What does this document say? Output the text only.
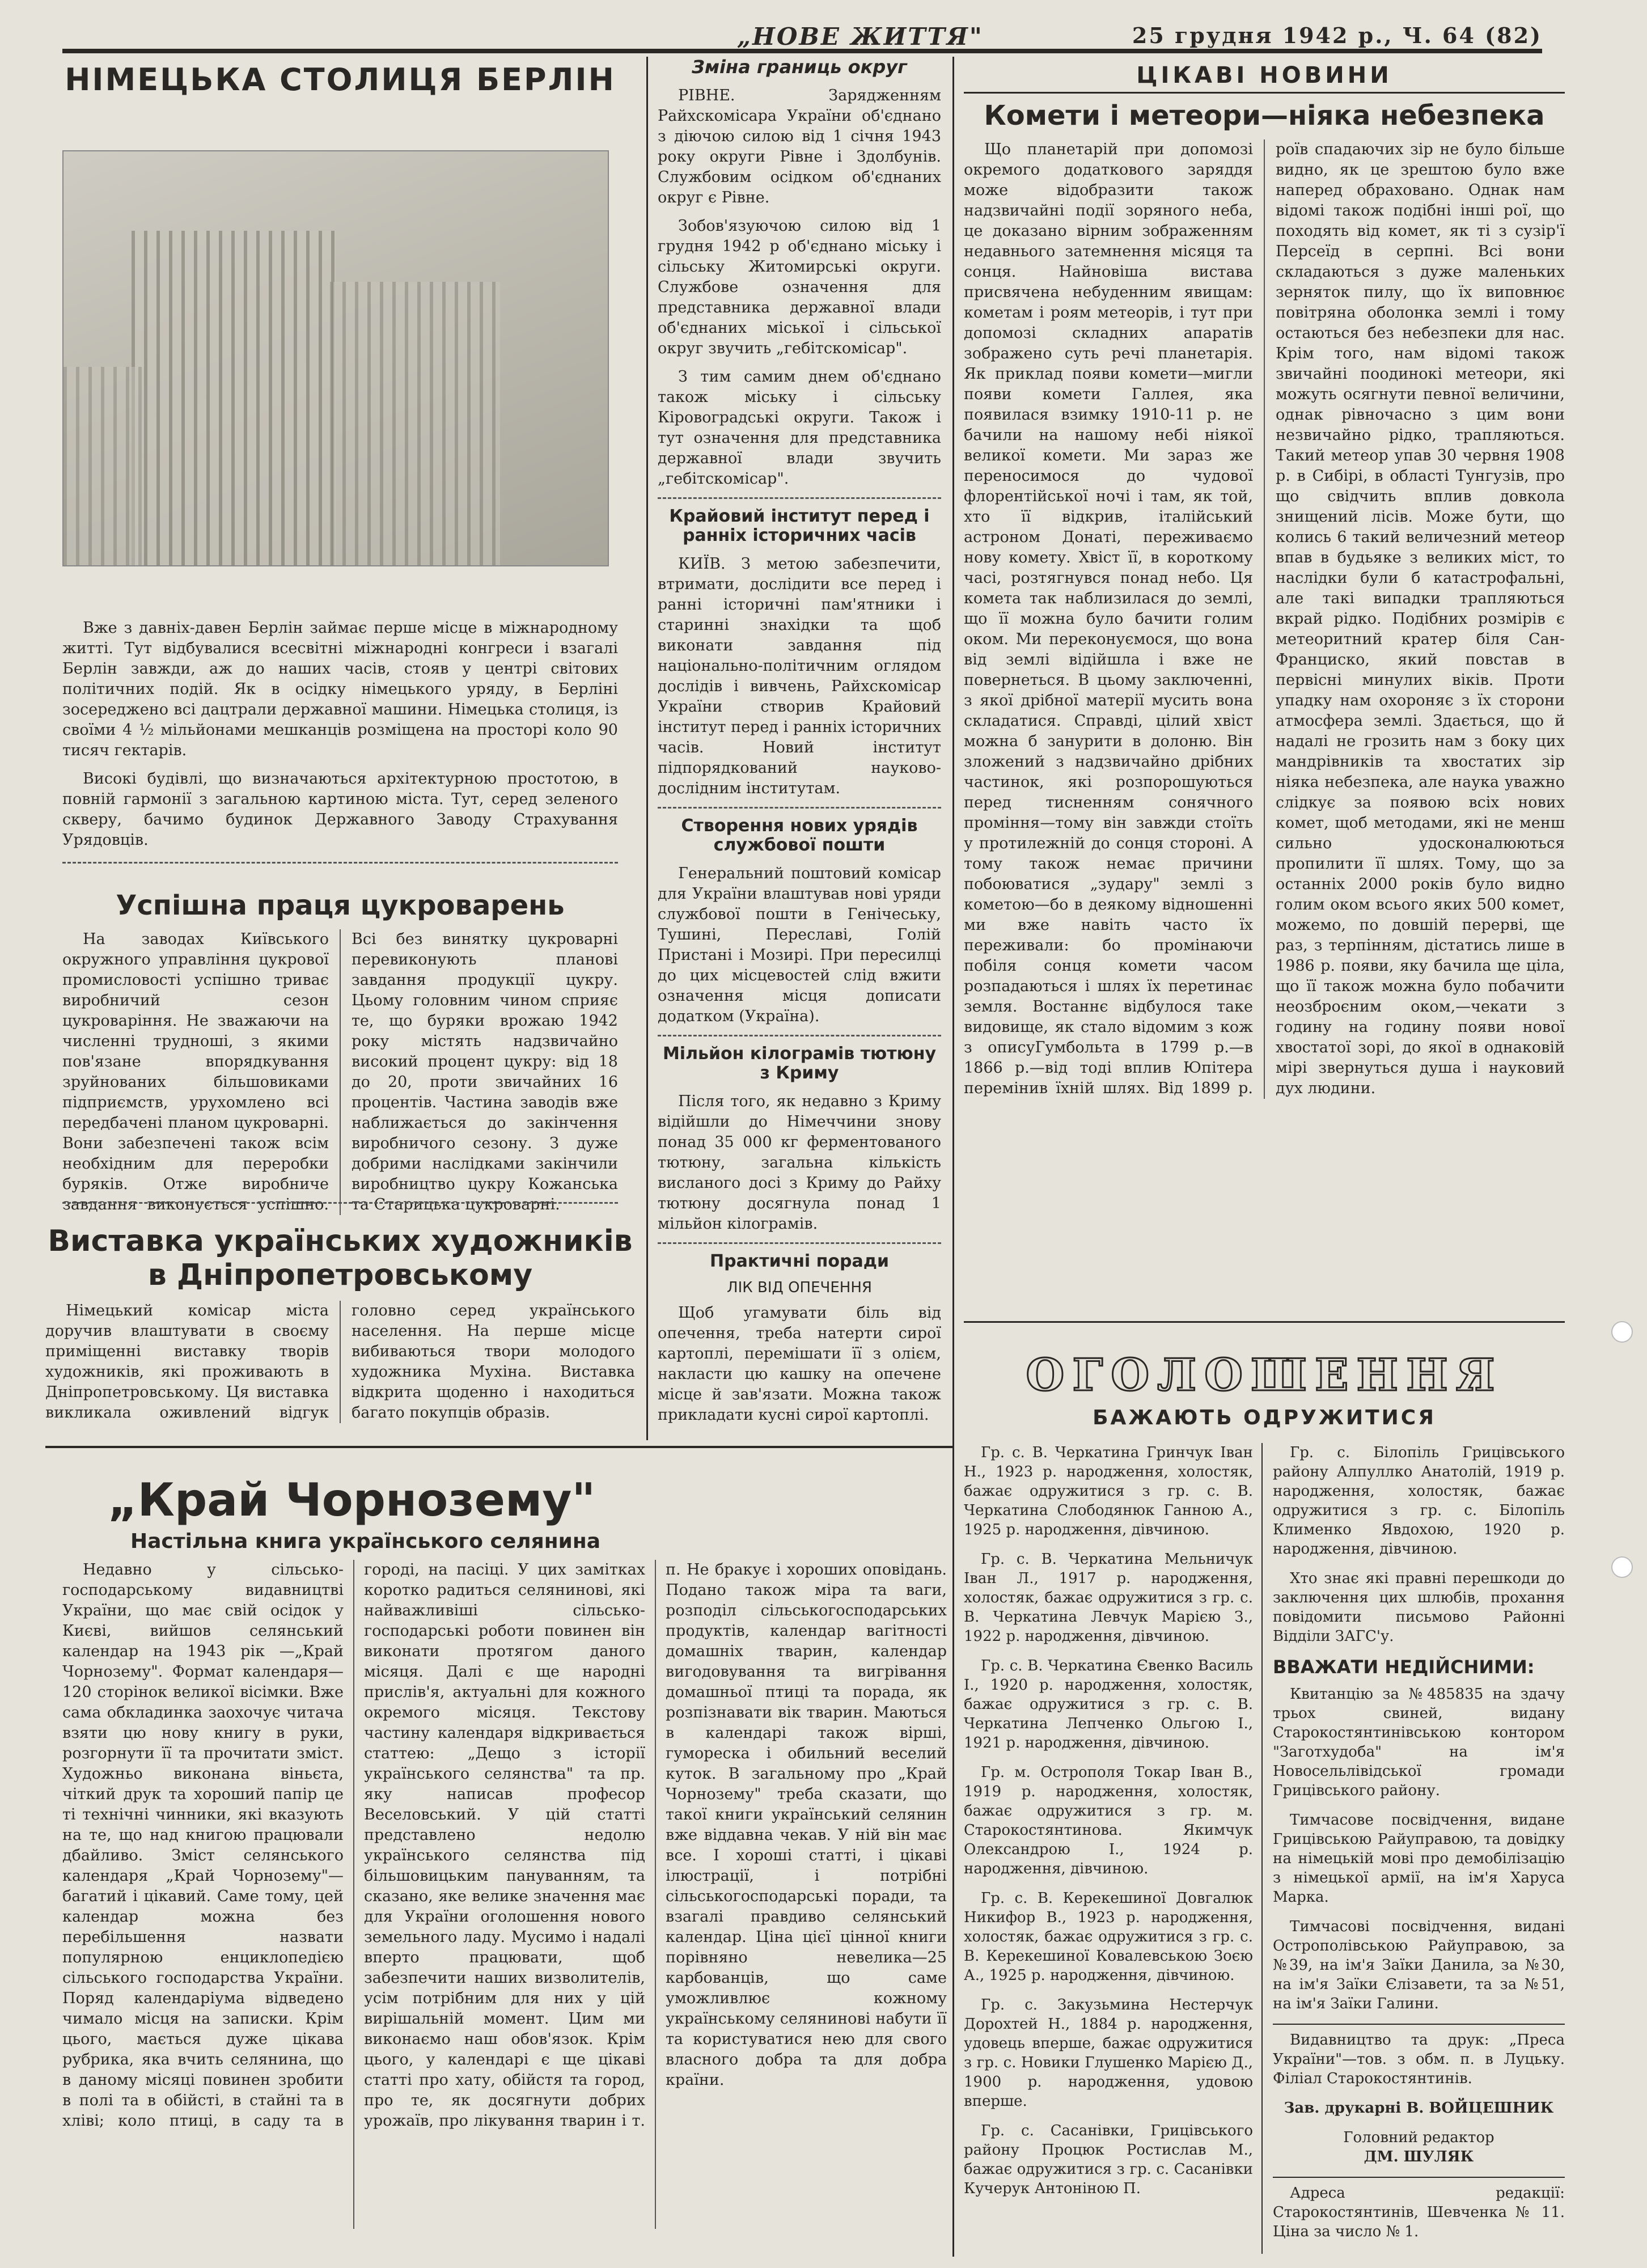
„НОВЕ ЖИТТЯ"	25 грудня 1942 р., Ч. 64 (82)
НІМЕЦЬКА СТОЛИЦЯ БЕРЛІН

Вже з давніх-давен Берлін займає перше місце в міжнародному житті. Тут відбувалися всесвітні міжнародні конгреси і взагалі Берлін завжди, аж до наших часів, стояв у центрі світових політичних подій. Як в осідку німецького уряду, в Берліні зосереджено всі дацтрали державної машини. Німецька столиця, із своїми 4 ½ мільйонами мешканців розміщена на просторі коло 90 тисяч гектарів.

Високі будівлі, що визначаються архітектурною простотою, в повній гармонії з загальною картиною міста. Тут, серед зеленого скверу, бачимо будинок Державного Заводу Страхування Урядовців.

Успішна праця цукроварень

На заводах Київського окружного управління цукрової промисловості успішно триває виробничий сезон цукроваріння. Не зважаючи на численні трудноші, з якими пов'язане впорядкування зруйнованих більшовиками підприємств, урухомлено всі передбачені планом цукроварні. Вони забезпечені також всім необхідним для переробки буряків. Отже виробниче завдання виконується успішно. Всі без винятку цукроварні перевиконують планові завдання продукції цукру. Цьому головним чином сприяє те, що буряки врожаю 1942 року містять надзвичайно високий процент цукру: від 18 до 20, проти звичайних 16 процентів. Частина заводів вже наближається до закінчення виробничого сезону. З дуже добрими наслідками закінчили виробництво цукру Кожанська та Старицька цукроварні.

Виставка українських художників в Дніпропетровському

Німецький комісар міста доручив влаштувати в своєму приміщенні виставку творів художників, які проживають в Дніпропетровському. Ця виставка викликала оживлений відгук головно серед українського населення. На перше місце вибиваються твори молодого художника Мухіна. Виставка відкрита щоденно і находиться багато покупців образів.

Зміна границь округ

РІВНЕ. Зарядженням Райхскомісара України об'єднано з діючою силою від 1 січня 1943 року округи Рівне і Здолбунів. Службовим осідком об'єднаних округ є Рівне.

Зобов'язуючою силою від 1 грудня 1942 р об'єднано міську і сільську Житомирські округи. Службове означення для представника державної влади об'єднаних міської і сільської округ звучить „гебітскомісар".

З тим самим днем об'єднано також міську і сільську Кіровоградські округи. Також і тут означення для представника державної влади звучить „гебітскомісар".

Крайовий інститут перед і ранніх історичних часів

КИЇВ. З метою забезпечити, втримати, дослідити все перед і ранні історичні пам'ятники і старинні знахідки та щоб виконати завдання під національно-політичним оглядом дослідів і вивчень, Райхскомісар України створив Крайовий інститут перед і ранніх історичних часів. Новий інститут підпорядкований науково-дослідним інститутам.

Створення нових урядів службової пошти

Генеральний поштовий комісар для України влаштував нові уряди службової пошти в Генічеську, Тушині, Переславі, Голій Пристані і Мозирі. При пересилці до цих місцевостей слід вжити означення місця дописати додатком (Україна).

Мільйон кілограмів тютюну з Криму

Після того, як недавно з Криму відійшли до Німеччини знову понад 35 000 кг ферментованого тютюну, загальна кількість висланого досі з Криму до Райху тютюну досягнула понад 1 мільйон кілограмів.

Практичні поради
ЛІК ВІД ОПЕЧЕННЯ

Щоб угамувати біль від опечення, треба натерти сирої картоплі, перемішати її з олієм, накласти цю кашку на опечене місце й зав'язати. Можна також прикладати кусні сирої картоплі.

ЦІКАВІ НОВИНИ
Комети і метеори—ніяка небезпека

Що планетарій при допомозі окремого додаткового заряддя може відобразити також надзвичайні події зоряного неба, це доказано вірним зображенням недавнього затемнення місяця та сонця. Найновіша вистава присвячена небуденним явищам: кометам і роям метеорів, і тут при допомозі складних апаратів зображено суть речі планетарія. Як приклад появи комети—мигли появи комети Галлея, яка появилася взимку 1910-11 р. не бачили на нашому небі ніякої великої комети. Ми зараз же переносимося до чудової флорентійської ночі і там, як той, хто її відкрив, італійський астроном Донаті, переживаємо нову комету. Хвіст її, в короткому часі, розтягнувся понад небо. Ця комета так наблизилася до землі, що її можна було бачити голим оком. Ми переконуємося, що вона від землі відійшла і вже не повернеться. В цьому заключенні, з якої дрібної матерії мусить вона складатися. Справді, цілий хвіст можна б занурити в долоню. Він зложений з надзвичайно дрібних частинок, які розпорошуються перед тисненням сонячного проміння—тому він завжди стоїть у протилежній до сонця стороні. А тому також немає причини побоюватися „зудару" землі з кометою—бо в деякому відношенні ми вже навіть часто їх переживали: бо промінаючи побіля сонця комети часом розпадаються і шлях їх перетинає земля. Востаннє відбулося таке видовище, як стало відомим з кож з описуГумбольта в 1799 р.—в 1866 р.—від тоді вплив Юпітера перемінив їхній шлях. Від 1899 р. роїв спадаючих зір не було більше видно, як це зрештою було вже наперед обраховано. Однак нам відомі також подібні інші рої, що походять від комет, як ті з сузір'ї Персеїд в серпні. Всі вони складаються з дуже маленьких зерняток пилу, що їх виповнює повітряна оболонка землі і тому остаються без небезпеки для нас. Крім того, нам відомі також звичайні поодинокі метеори, які можуть осягнути певної величини, однак рівночасно з цим вони незвичайно рідко, трапляються. Такий метеор упав 30 червня 1908 р. в Сибірі, в області Тунгузів, про що свідчить вплив довкола знищений лісів. Може бути, що колись 6 такий величезний метеор впав в будьяке з великих міст, то наслідки були б катастрофальні, але такі випадки трапляються вкрай рідко. Подібних розмірів є метеоритний кратер біля Сан-Франциско, який повстав в первісні минулих віків. Проти упадку нам охороняє з їх сторони атмосфера землі. Здається, що й надалі не грозить нам з боку цих мандрівників та хвостатих зір ніяка небезпека, але наука уважно слідкує за появою всіх нових комет, щоб методами, які не менш сильно удосконалюються пропилити її шлях. Тому, що за останніх 2000 років було видно голим оком всього яких 500 комет, можемо, по довшій перерві, ще раз, з терпінням, дістатись лише в 1986 р. появи, яку бачила ще ціла, що її також можна було побачити неозброєним оком,—чекати з годину на годину появи нової хвостатої зорі, до якої в однаковій мірі звернуться душа і науковий дух людини.

ОГОЛОШЕННЯ
БАЖАЮТЬ ОДРУЖИТИСЯ

Гр. с. В. Черкатина Гринчук Іван Н., 1923 р. народження, холостяк, бажає одружитися з гр. с. В. Черкатина Слободянюк Ганною А., 1925 р. народження, дівчиною.

Гр. с. В. Черкатина Мельничук Іван Л., 1917 р. народження, холостяк, бажає одружитися з гр. с. В. Черкатина Левчук Марією З., 1922 р. народження, дівчиною.

Гр. с. В. Черкатина Євенко Василь І., 1920 р. народження, холостяк, бажає одружитися з гр. с. В. Черкатина Лепченко Ольгою І., 1921 р. народження, дівчиною.

Гр. м. Острополя Токар Іван В., 1919 р. народження, холостяк, бажає одружитися з гр. м. Старокостянтинова. Якимчук Олександрою І., 1924 р. народження, дівчиною.

Гр. с. В. Керекешиної Довгалюк Никифор В., 1923 р. народження, холостяк, бажає одружитися з гр. с. В. Керекешиної Ковалевською Зоєю А., 1925 р. народження, дівчиною.

Гр. с. Закузьмина Нестерчук Дорохтей Н., 1884 р. народження, удовець вперше, бажає одружитися з гр. с. Новики Глушенко Марією Д., 1900 р. народження, удовою вперше.

Гр. с. Сасанівки, Грицівського району Процюк Ростислав М., бажає одружитися з гр. с. Сасанівки Кучерук Антоніною П.

Гр. с. Білопіль Грицівського району Алпуллко Анатолій, 1919 р. народження, холостяк, бажає одружитися з гр. с. Білопіль Клименко Явдохою, 1920 р. народження, дівчиною.

Хто знає які правні перешкоди до заключення цих шлюбів, прохання повідомити письмово Районні Відділи ЗАГС'у.

ВВАЖАТИ НЕДІЙСНИМИ:

Квитанцію за №485835 на здачу трьох свиней, видану Старокостянтинівською контором "Заготхудоба" на ім'я Новосельлівідської громади Грицівського району.

Тимчасове посвідчення, видане Грицівською Райуправою, та довідку на німецькій мові про демобілізацію з німецької армії, на ім'я Харуса Марка.

Тимчасові посвідчення, видані Острополівською Райуправою, за №39, на ім'я Заїки Данила, за №30, на ім'я Заїки Єлізавети, та за №51, на ім'я Заїки Галини.

Видавництво та друк: „Преса України"—тов. з обм. п. в Луцьку. Філіал Старокостянтинів.

Зав. друкарні В. ВОЙЦЕШНИК

Головний редактор

ДМ. ШУЛЯК

Адреса редакції: Старокостянтинів, Шевченка № 11. Ціна за число № 1.

„Край Чорнозему"
Настільна книга українського селянина

Недавно у сільсько-господарському видавництві України, що має свій осідок у Києві, вийшов селянський календар на 1943 рік —„Край Чорнозему". Формат календаря—120 сторінок великої вісімки. Вже сама обкладинка заохочує читача взяти цю нову книгу в руки, розгорнути її та прочитати зміст. Художньо виконана віньєта, чіткий друк та хороший папір це ті технічні чинники, які вказують на те, що над книгою працювали дбайливо. Зміст селянського календаря „Край Чорнозему"—багатий і цікавий. Саме тому, цей календар можна без перебільшення назвати популярною енциклопедією сільського господарства України. Поряд календаріума відведено чимало місця на записки. Крім цього, мається дуже цікава рубрика, яка вчить селянина, що в даному місяці повинен зробити в полі та в обійсті, в стайні та в хліві; коло птиці, в саду та в городі, на пасіці. У цих замітках коротко радиться селянинові, які найважливіші сільсько-господарські роботи повинен він виконати протягом даного місяця. Далі є ще народні прислів'я, актуальні для кожного окремого місяця. Текстову частину календаря відкривається статтею: „Дещо з історії українського селянства" та пр. яку написав професор Веселовський. У цій статті представлено недолю українського селянства під більшовицьким пануванням, та сказано, яке велике значення має для України оголошення нового земельного ладу. Мусимо і надалі вперто працювати, щоб забезпечити наших визволителів, усім потрібним для них у цій вирішальній момент. Цим ми виконаємо наш обов'язок. Крім цього, у календарі є ще цікаві статті про хату, обійстя та город, про те, як досягнути добрих урожаїв, про лікування тварин і т. п. Не бракує і хороших оповідань. Подано також міра та ваги, розподіл сільськогосподарських продуктів, календар вагітності домашніх тварин, календар вигодовування та вигрівання домашньої птиці та порада, як розпізнавати вік тварин. Маються в календарі також вірші, гумореска і обильний веселий куток. В загальному про „Край Чорнозему" треба сказати, що такої книги український селянин вже віддавна чекав. У ній він має все. І хороші статті, і цікаві ілюстрації, і потрібні сільськогосподарські поради, та взагалі правдиво селянський календар. Ціна цієї цінної книги порівняно невелика—25 карбованців, що саме уможливлює кожному українському селянинові набути її та користуватися нею для свого власного добра та для добра країни.
